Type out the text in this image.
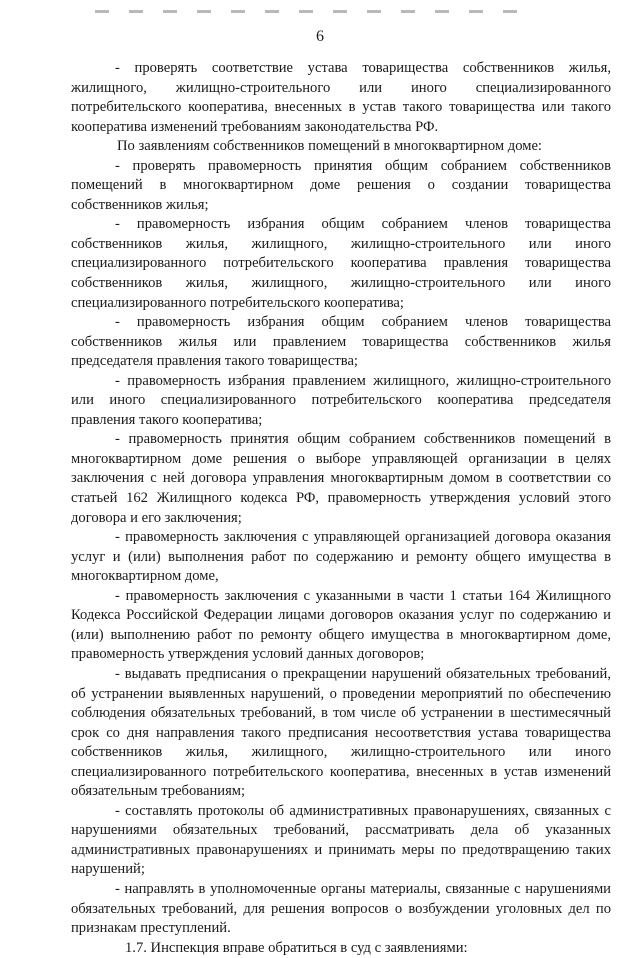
6

- проверять соответствие устава товарищества собственников жилья, жилищного, жилищно-строительного или иного специализированного потребительского кооператива, внесенных в устав такого товарищества или такого кооператива изменений требованиям законодательства РФ.

По заявлениям собственников помещений в многоквартирном доме:

- проверять правомерность принятия общим собранием собственников помещений в многоквартирном доме решения о создании товарищества собственников жилья;

- правомерность избрания общим собранием членов товарищества собственников жилья, жилищного, жилищно-строительного или иного специализированного потребительского кооператива правления товарищества собственников жилья, жилищного, жилищно-строительного или иного специализированного потребительского кооператива;

- правомерность избрания общим собранием членов товарищества собственников жилья или правлением товарищества собственников жилья председателя правления такого товарищества;

- правомерность избрания правлением жилищного, жилищно-строительного или иного специализированного потребительского кооператива председателя правления такого кооператива;

- правомерность принятия общим собранием собственников помещений в многоквартирном доме решения о выборе управляющей организации в целях заключения с ней договора управления многоквартирным домом в соответствии со статьей 162 Жилищного кодекса РФ, правомерность утверждения условий этого договора и его заключения;

- правомерность заключения с управляющей организацией договора оказания услуг и (или) выполнения работ по содержанию и ремонту общего имущества в многоквартирном доме,

- правомерность заключения с указанными в части 1 статьи 164 Жилищного Кодекса Российской Федерации лицами договоров оказания услуг по содержанию и (или) выполнению работ по ремонту общего имущества в многоквартирном доме, правомерность утверждения условий данных договоров;

- выдавать предписания о прекращении нарушений обязательных требований, об устранении выявленных нарушений, о проведении мероприятий по обеспечению соблюдения обязательных требований, в том числе об устранении в шестимесячный срок со дня направления такого предписания несоответствия устава товарищества собственников жилья, жилищного, жилищно-строительного или иного специализированного потребительского кооператива, внесенных в устав изменений обязательным требованиям;

- составлять протоколы об административных правонарушениях, связанных с нарушениями обязательных требований, рассматривать дела об указанных административных правонарушениях и принимать меры по предотвращению таких нарушений;

- направлять в уполномоченные органы материалы, связанные с нарушениями обязательных требований, для решения вопросов о возбуждении уголовных дел по признакам преступлений.

1.7. Инспекция вправе обратиться в суд с заявлениями:
